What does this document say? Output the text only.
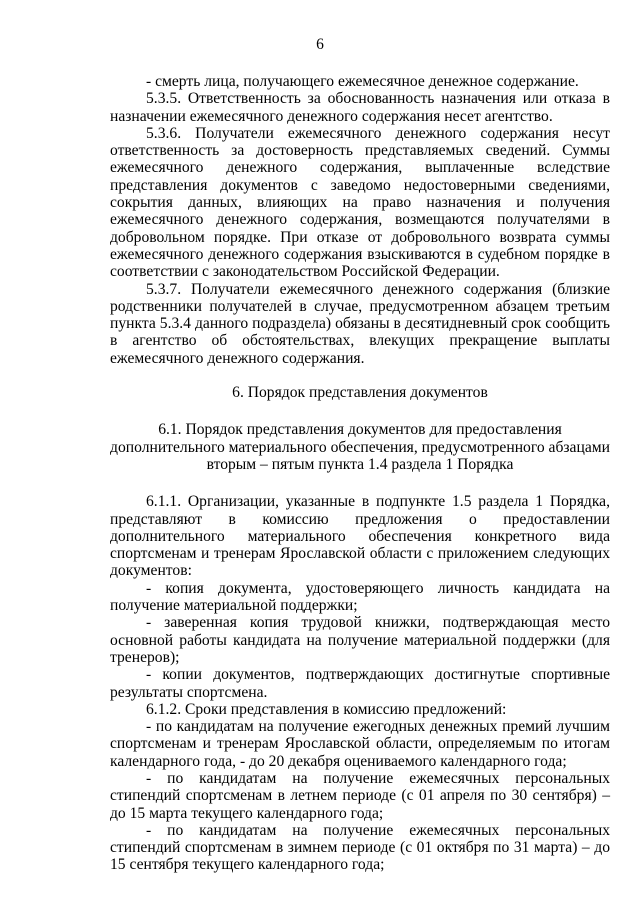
6

- смерть лица, получающего ежемесячное денежное содержание.

5.3.5. Ответственность за обоснованность назначения или отказа в назначении ежемесячного денежного содержания несет агентство.

5.3.6. Получатели ежемесячного денежного содержания несут ответственность за достоверность представляемых сведений. Суммы ежемесячного денежного содержания, выплаченные вследствие представления документов с заведомо недостоверными сведениями, сокрытия данных, влияющих на право назначения и получения ежемесячного денежного содержания, возмещаются получателями в добровольном порядке. При отказе от добровольного возврата суммы ежемесячного денежного содержания взыскиваются в судебном порядке в соответствии с законодательством Российской Федерации.

5.3.7. Получатели ежемесячного денежного содержания (близкие родственники получателей в случае, предусмотренном абзацем третьим пункта 5.3.4 данного подраздела) обязаны в десятидневный срок сообщить в агентство об обстоятельствах, влекущих прекращение выплаты ежемесячного денежного содержания.

6. Порядок представления документов

6.1. Порядок представления документов для предоставления дополнительного материального обеспечения, предусмотренного абзацами вторым – пятым пункта 1.4 раздела 1 Порядка

6.1.1. Организации, указанные в подпункте 1.5 раздела 1 Порядка, представляют в комиссию предложения о предоставлении дополнительного материального обеспечения конкретного вида спортсменам и тренерам Ярославской области с приложением следующих документов:

- копия документа, удостоверяющего личность кандидата на получение материальной поддержки;

- заверенная копия трудовой книжки, подтверждающая место основной работы кандидата на получение материальной поддержки (для тренеров);

- копии документов, подтверждающих достигнутые спортивные результаты спортсмена.

6.1.2. Сроки представления в комиссию предложений:

- по кандидатам на получение ежегодных денежных премий лучшим спортсменам и тренерам Ярославской области, определяемым по итогам календарного года, - до 20 декабря оцениваемого календарного года;

- по кандидатам на получение ежемесячных персональных стипендий спортсменам в летнем периоде (с 01 апреля по 30 сентября) – до 15 марта текущего календарного года;

- по кандидатам на получение ежемесячных персональных стипендий спортсменам в зимнем периоде (с 01 октября по 31 марта) – до 15 сентября текущего календарного года;
